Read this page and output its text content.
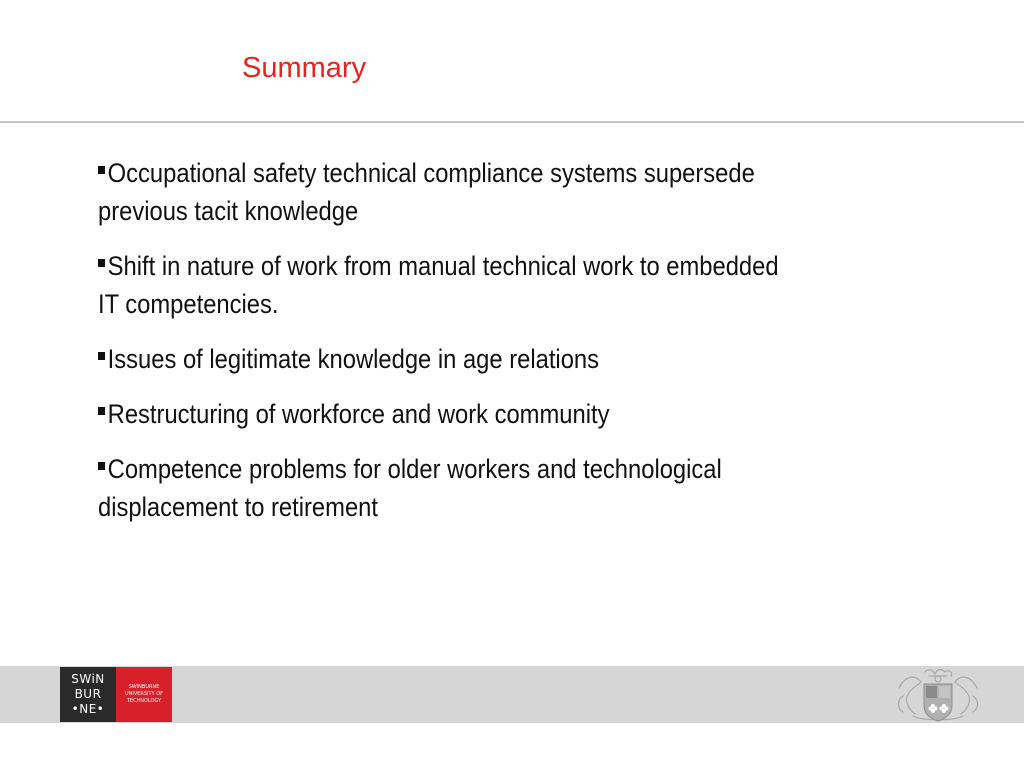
Summary
Occupational safety technical compliance systems supersede previous tacit knowledge
Shift in nature of work from manual technical work to embedded IT competencies.
Issues of legitimate knowledge in age relations
Restructuring of workforce and work community
Competence problems for older workers and technological displacement to retirement
SWiN
BUR
•NE•
SWINBURNE
UNIVERSITY OF
TECHNOLOGY
